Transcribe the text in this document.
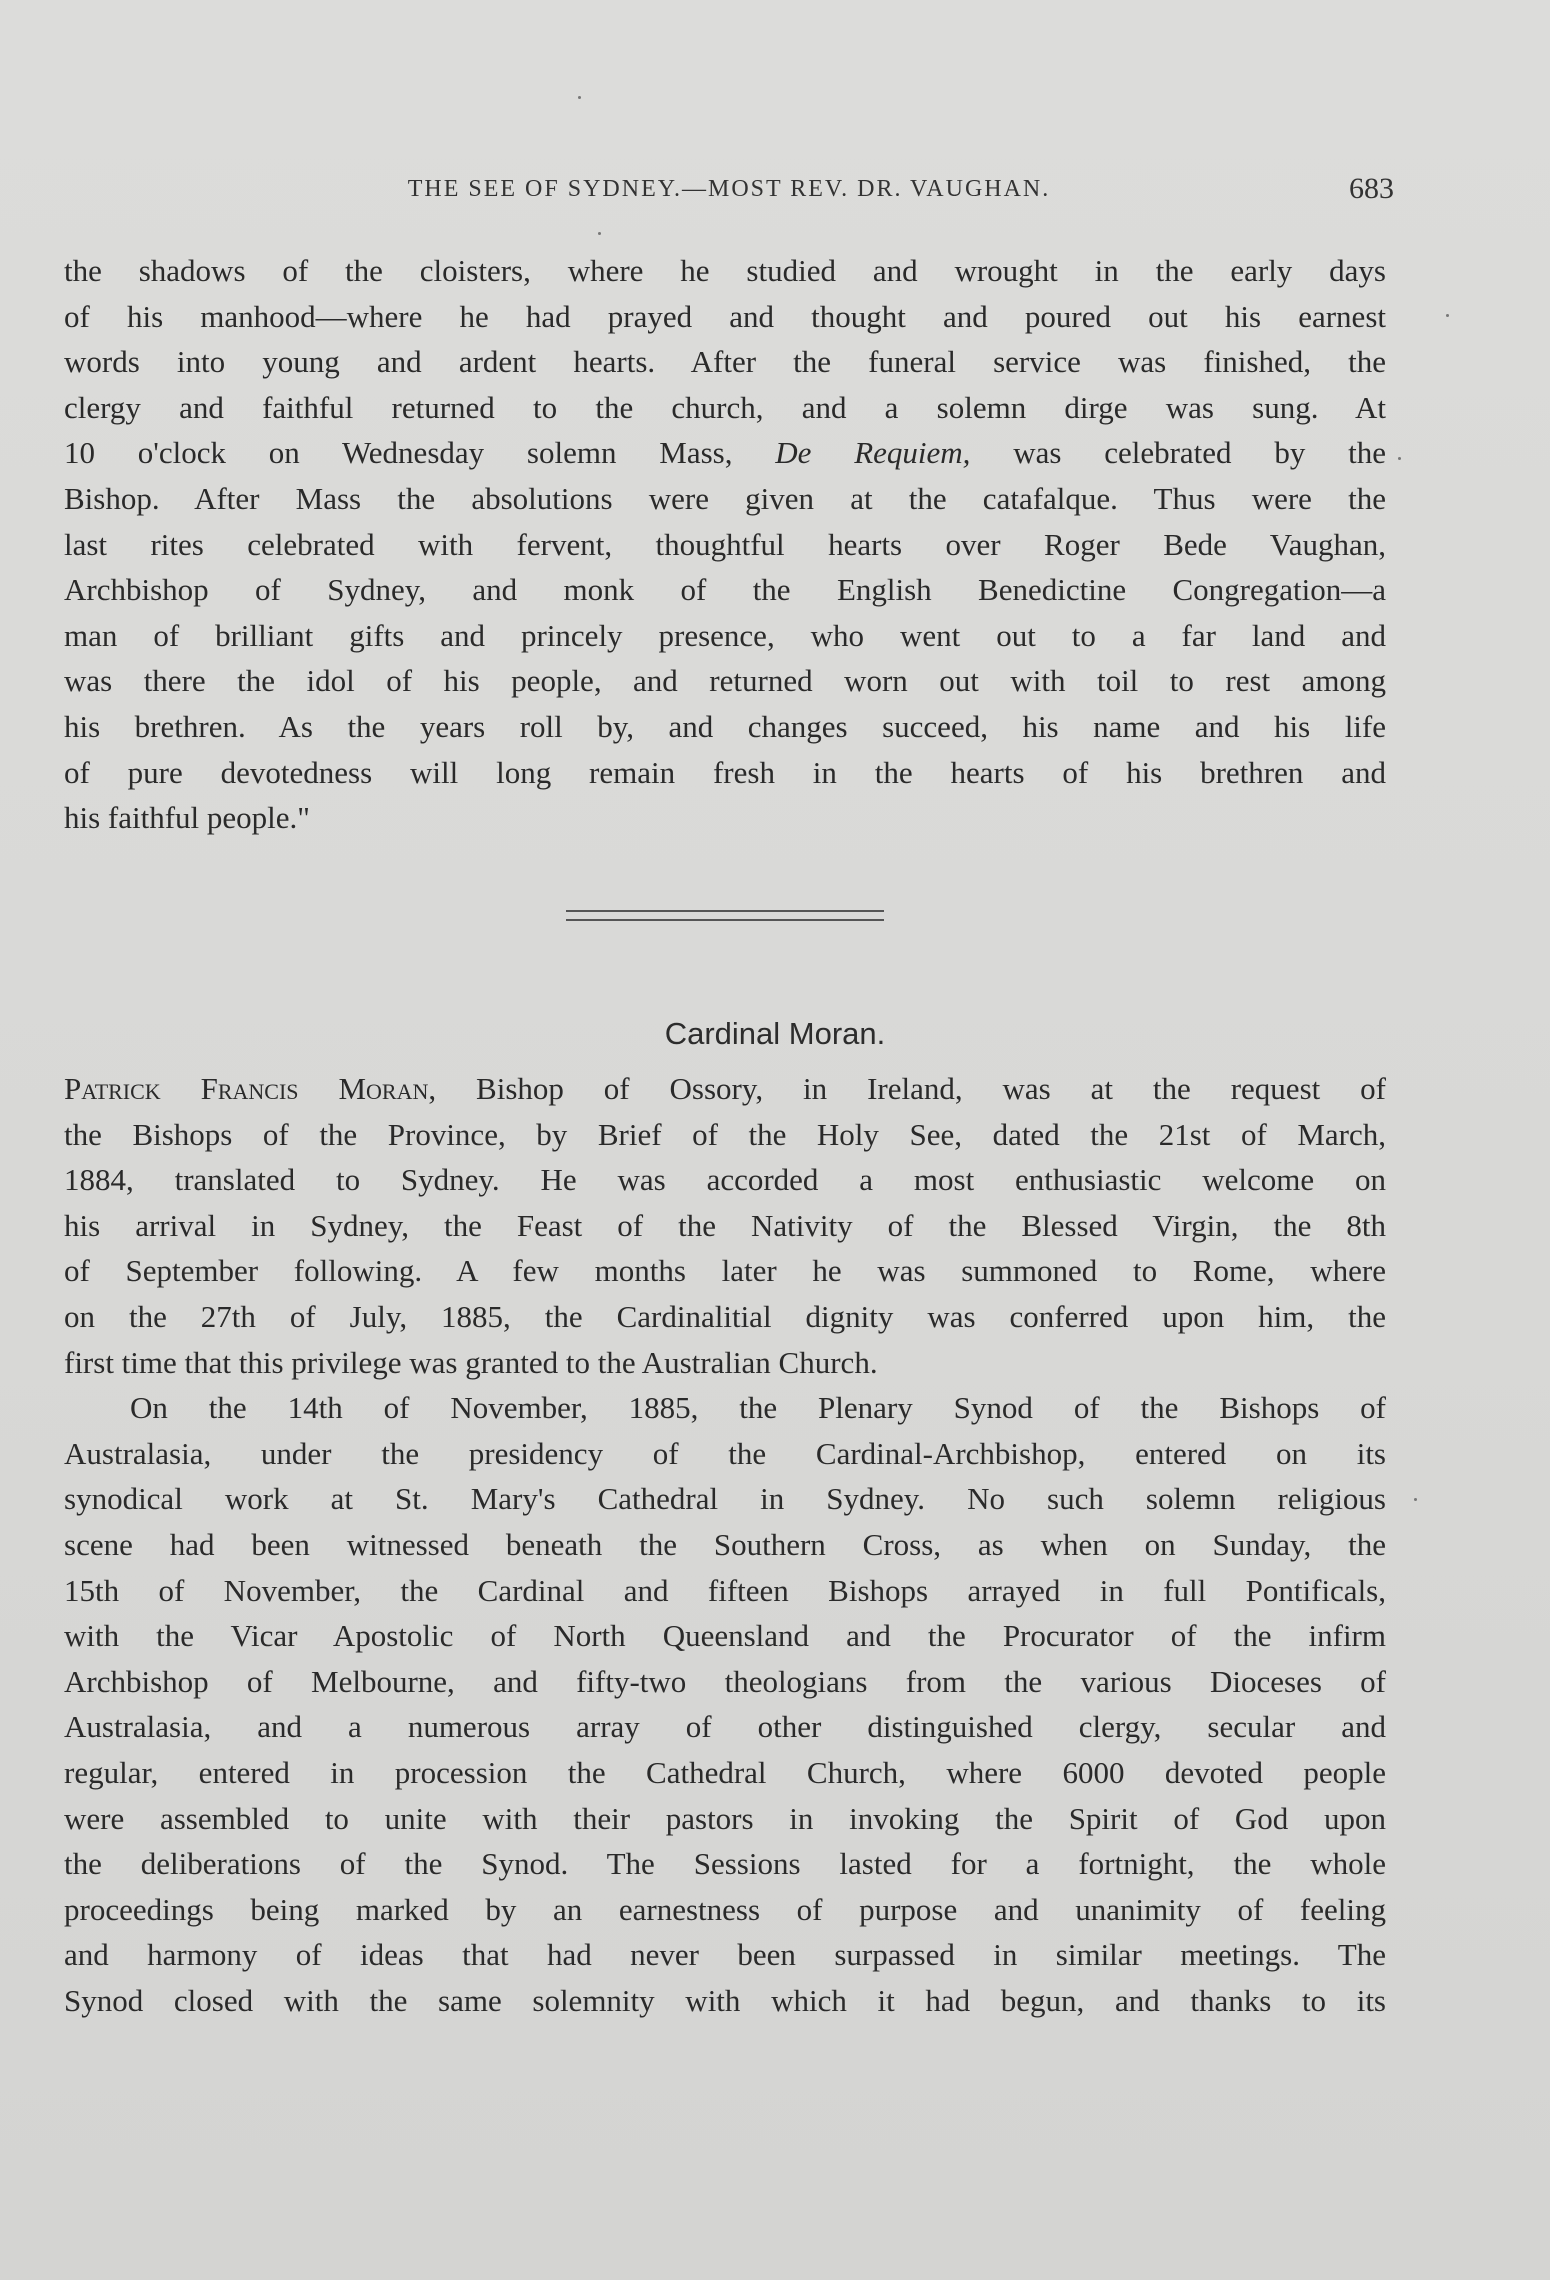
THE SEE OF SYDNEY.—MOST REV. DR. VAUGHAN.	683
the shadows of the cloisters, where he studied and wrought in the early days
of his manhood—where he had prayed and thought and poured out his earnest
words into young and ardent hearts. After the funeral service was finished, the
clergy and faithful returned to the church, and a solemn dirge was sung. At
10 o'clock on Wednesday solemn Mass, De Requiem, was celebrated by the
Bishop. After Mass the absolutions were given at the catafalque. Thus were the
last rites celebrated with fervent, thoughtful hearts over Roger Bede Vaughan,
Archbishop of Sydney, and monk of the English Benedictine Congregation—a
man of brilliant gifts and princely presence, who went out to a far land and
was there the idol of his people, and returned worn out with toil to rest among
his brethren. As the years roll by, and changes succeed, his name and his life
of pure devotedness will long remain fresh in the hearts of his brethren and
his faithful people."
Cardinal Moran.
Patrick Francis Moran, Bishop of Ossory, in Ireland, was at the request of
the Bishops of the Province, by Brief of the Holy See, dated the 21st of March,
1884, translated to Sydney. He was accorded a most enthusiastic welcome on
his arrival in Sydney, the Feast of the Nativity of the Blessed Virgin, the 8th
of September following. A few months later he was summoned to Rome, where
on the 27th of July, 1885, the Cardinalitial dignity was conferred upon him, the
first time that this privilege was granted to the Australian Church.
On the 14th of November, 1885, the Plenary Synod of the Bishops of
Australasia, under the presidency of the Cardinal-Archbishop, entered on its
synodical work at St. Mary's Cathedral in Sydney. No such solemn religious
scene had been witnessed beneath the Southern Cross, as when on Sunday, the
15th of November, the Cardinal and fifteen Bishops arrayed in full Pontificals,
with the Vicar Apostolic of North Queensland and the Procurator of the infirm
Archbishop of Melbourne, and fifty-two theologians from the various Dioceses of
Australasia, and a numerous array of other distinguished clergy, secular and
regular, entered in procession the Cathedral Church, where 6000 devoted people
were assembled to unite with their pastors in invoking the Spirit of God upon
the deliberations of the Synod. The Sessions lasted for a fortnight, the whole
proceedings being marked by an earnestness of purpose and unanimity of feeling
and harmony of ideas that had never been surpassed in similar meetings. The
Synod closed with the same solemnity with which it had begun, and thanks to its
